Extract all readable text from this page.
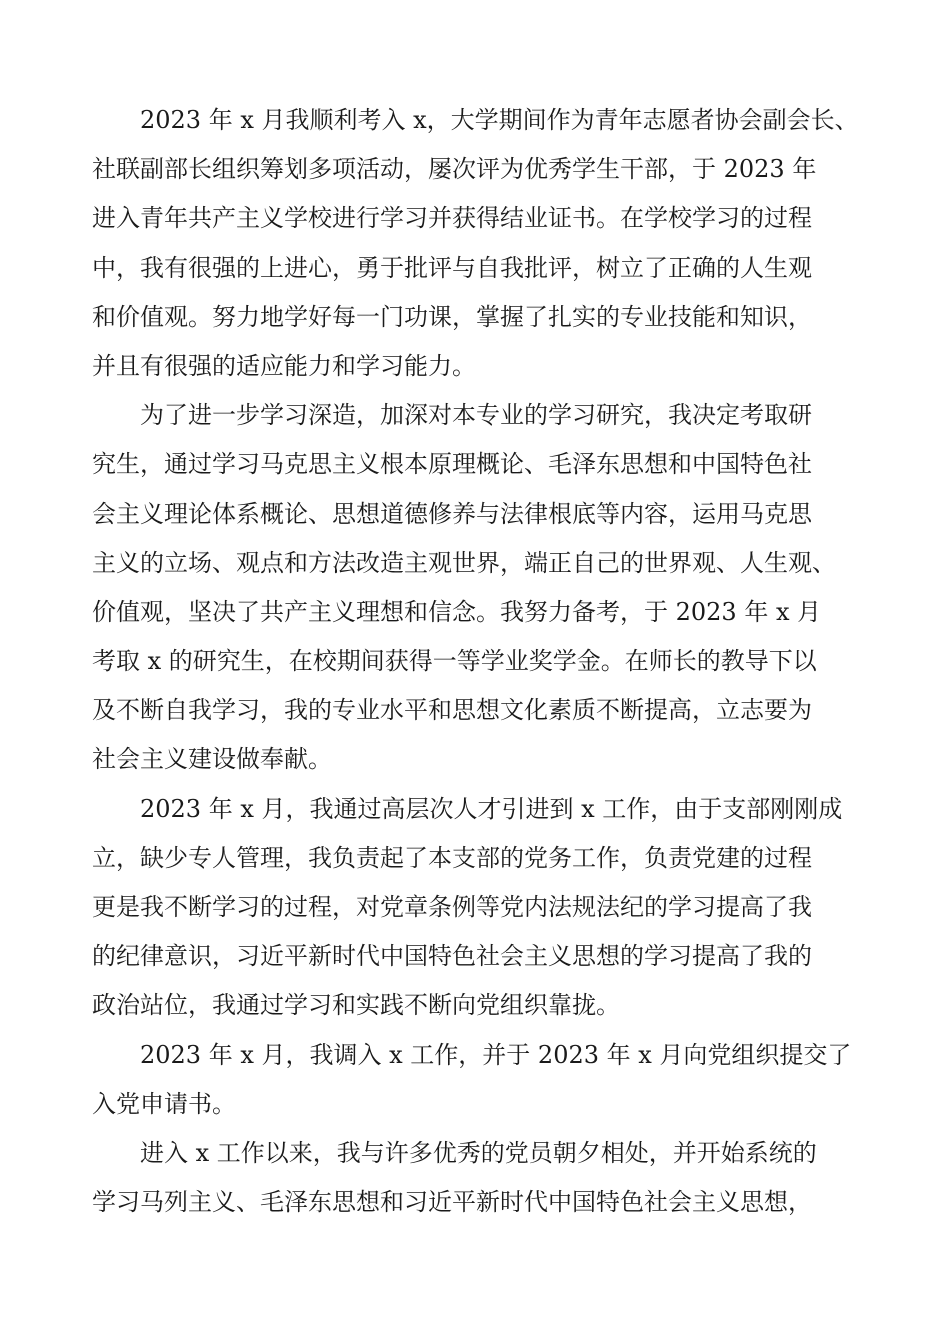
2023 年 x 月我顺利考入 x，大学期间作为青年志愿者协会副会长、
社联副部长组织筹划多项活动，屡次评为优秀学生干部，于 2023 年
进入青年共产主义学校进行学习并获得结业证书。在学校学习的过程
中，我有很强的上进心，勇于批评与自我批评，树立了正确的人生观
和价值观。努力地学好每一门功课，掌握了扎实的专业技能和知识，
并且有很强的适应能力和学习能力。
为了进一步学习深造，加深对本专业的学习研究，我决定考取研
究生，通过学习马克思主义根本原理概论、毛泽东思想和中国特色社
会主义理论体系概论、思想道德修养与法律根底等内容，运用马克思
主义的立场、观点和方法改造主观世界，端正自己的世界观、人生观、
价值观，坚决了共产主义理想和信念。我努力备考，于 2023 年 x 月
考取 x 的研究生，在校期间获得一等学业奖学金。在师长的教导下以
及不断自我学习，我的专业水平和思想文化素质不断提高，立志要为
社会主义建设做奉献。
2023 年 x 月，我通过高层次人才引进到 x 工作，由于支部刚刚成
立，缺少专人管理，我负责起了本支部的党务工作，负责党建的过程
更是我不断学习的过程，对党章条例等党内法规法纪的学习提高了我
的纪律意识，习近平新时代中国特色社会主义思想的学习提高了我的
政治站位，我通过学习和实践不断向党组织靠拢。
2023 年 x 月，我调入 x 工作，并于 2023 年 x 月向党组织提交了
入党申请书。
进入 x 工作以来，我与许多优秀的党员朝夕相处，并开始系统的
学习马列主义、毛泽东思想和习近平新时代中国特色社会主义思想，
